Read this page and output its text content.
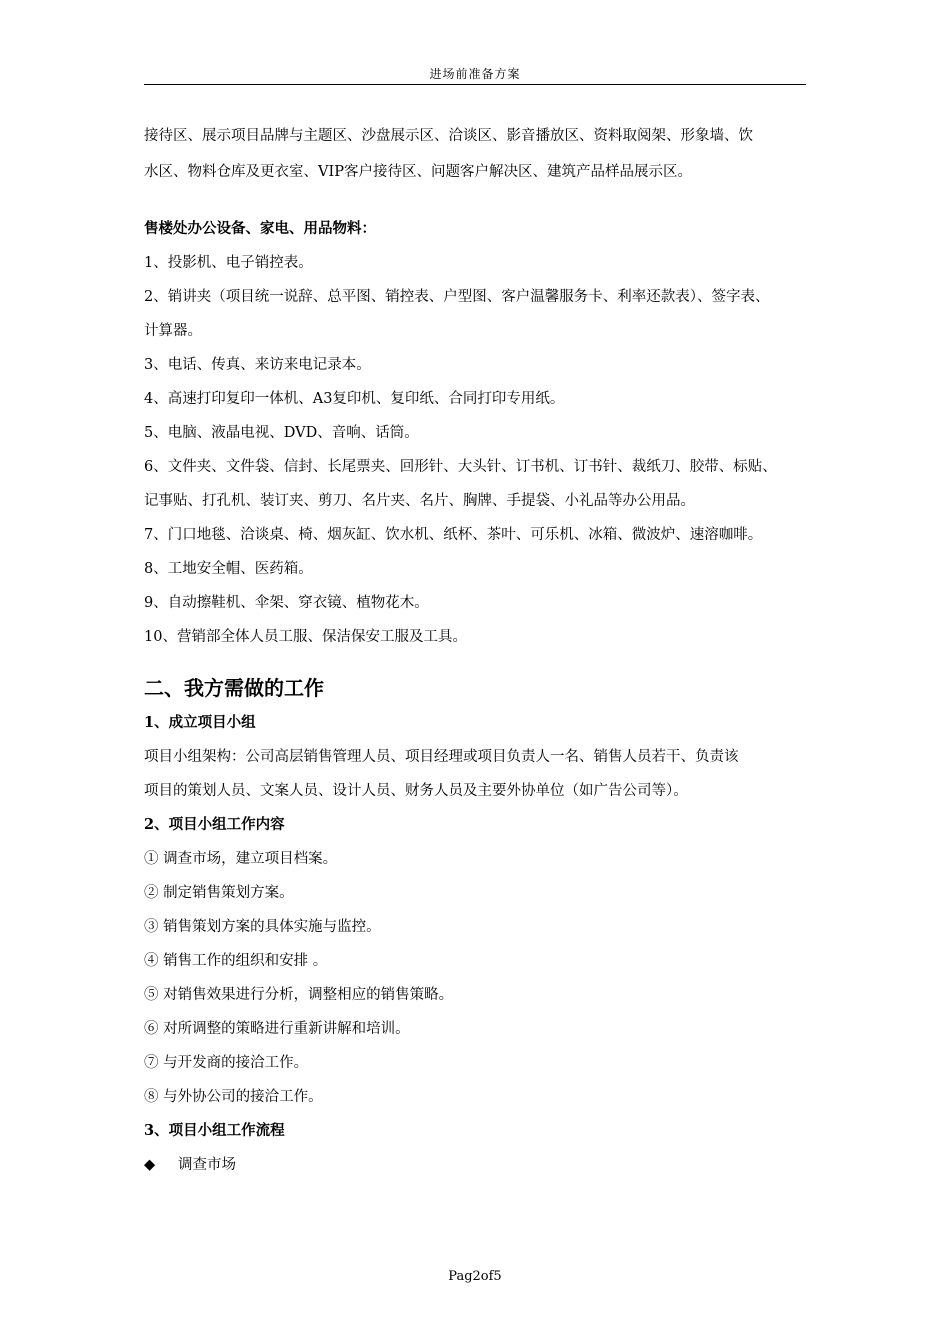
进场前准备方案
接待区、展示项目品牌与主题区、沙盘展示区、洽谈区、影音播放区、资料取阅架、形象墙、饮
水区、物料仓库及更衣室、VIP客户接待区、问题客户解决区、建筑产品样品展示区。
售楼处办公设备、家电、用品物料：
1、投影机、电子销控表。
2、销讲夹（项目统一说辞、总平图、销控表、户型图、客户温馨服务卡、利率还款表）、签字表、
计算器。
3、电话、传真、来访来电记录本。
4、高速打印复印一体机、A3复印机、复印纸、合同打印专用纸。
5、电脑、液晶电视、DVD、音响、话筒。
6、文件夹、文件袋、信封、长尾票夹、回形针、大头针、订书机、订书针、裁纸刀、胶带、标贴、
记事贴、打孔机、装订夹、剪刀、名片夹、名片、胸牌、手提袋、小礼品等办公用品。
7、门口地毯、洽谈桌、椅、烟灰缸、饮水机、纸杯、茶叶、可乐机、冰箱、微波炉、速溶咖啡。
8、工地安全帽、医药箱。
9、自动擦鞋机、伞架、穿衣镜、植物花木。
10、营销部全体人员工服、保洁保安工服及工具。
二、我方需做的工作
1、成立项目小组
项目小组架构：公司高层销售管理人员、项目经理或项目负责人一名、销售人员若干、负责该
项目的策划人员、文案人员、设计人员、财务人员及主要外协单位（如广告公司等）。
2、项目小组工作内容
① 调查市场，建立项目档案。
② 制定销售策划方案。
③ 销售策划方案的具体实施与监控。
④ 销售工作的组织和安排 。
⑤ 对销售效果进行分析，调整相应的销售策略。
⑥ 对所调整的策略进行重新讲解和培训。
⑦ 与开发商的接洽工作。
⑧ 与外协公司的接洽工作。
3、项目小组工作流程
◆ 调查市场
Pag2of5
